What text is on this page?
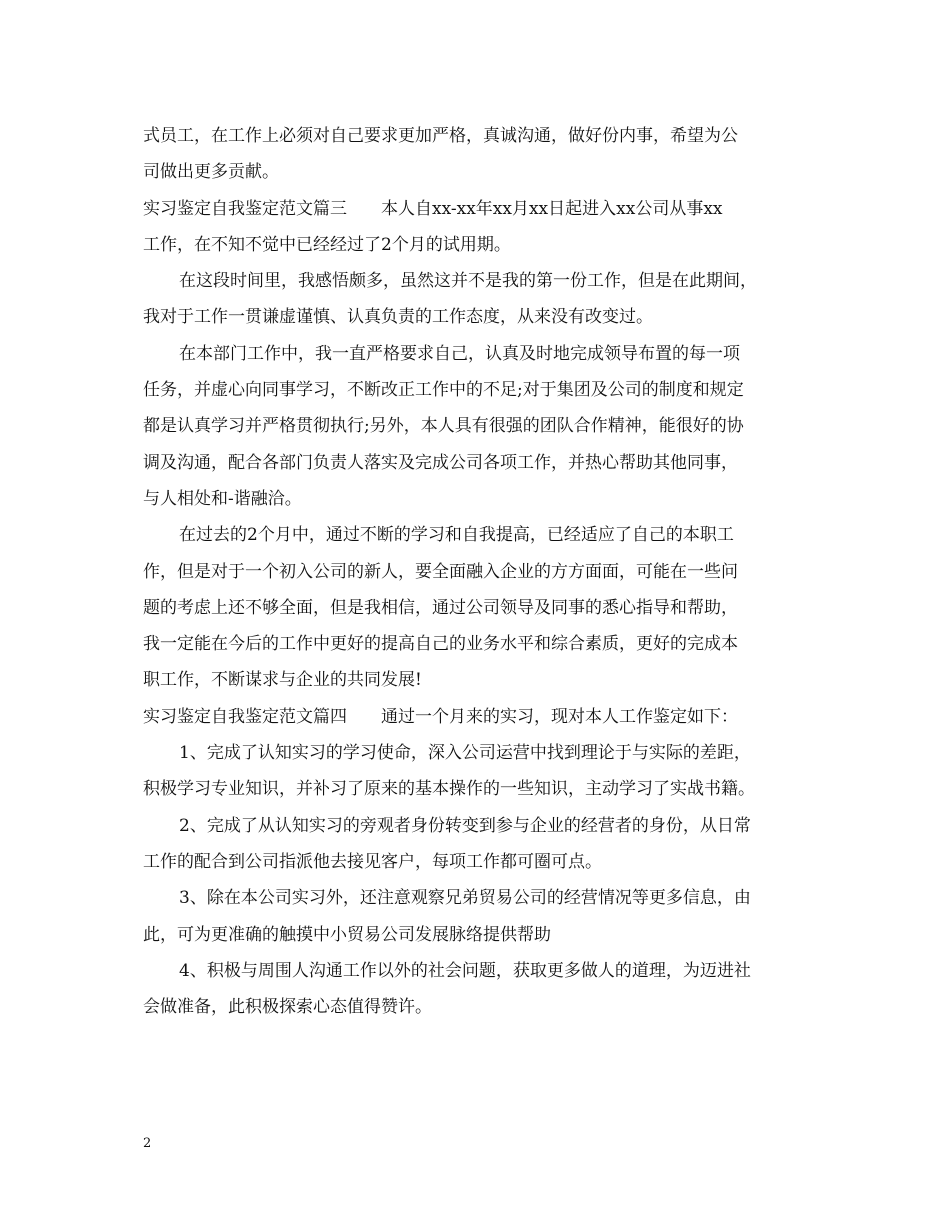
式员工，在工作上必须对自己要求更加严格，真诚沟通，做好份内事，希望为公
司做出更多贡献。
实习鉴定自我鉴定范文篇三　　本人自xx-xx年xx月xx日起进入xx公司从事xx
工作，在不知不觉中已经经过了2个月的试用期。
在这段时间里，我感悟颇多，虽然这并不是我的第一份工作，但是在此期间，
我对于工作一贯谦虚谨慎、认真负责的工作态度，从来没有改变过。
在本部门工作中，我一直严格要求自己，认真及时地完成领导布置的每一项
任务，并虚心向同事学习，不断改正工作中的不足;对于集团及公司的制度和规定
都是认真学习并严格贯彻执行;另外，本人具有很强的团队合作精神，能很好的协
调及沟通，配合各部门负责人落实及完成公司各项工作，并热心帮助其他同事，
与人相处和-谐融洽。
在过去的2个月中，通过不断的学习和自我提高，已经适应了自己的本职工
作，但是对于一个初入公司的新人，要全面融入企业的方方面面，可能在一些问
题的考虑上还不够全面，但是我相信，通过公司领导及同事的悉心指导和帮助，
我一定能在今后的工作中更好的提高自己的业务水平和综合素质，更好的完成本
职工作，不断谋求与企业的共同发展!
实习鉴定自我鉴定范文篇四　　通过一个月来的实习，现对本人工作鉴定如下：
1、完成了认知实习的学习使命，深入公司运营中找到理论于与实际的差距，
积极学习专业知识，并补习了原来的基本操作的一些知识，主动学习了实战书籍。
2、完成了从认知实习的旁观者身份转变到参与企业的经营者的身份，从日常
工作的配合到公司指派他去接见客户，每项工作都可圈可点。
3、除在本公司实习外，还注意观察兄弟贸易公司的经营情况等更多信息，由
此，可为更准确的触摸中小贸易公司发展脉络提供帮助
4、积极与周围人沟通工作以外的社会问题，获取更多做人的道理，为迈进社
会做准备，此积极探索心态值得赞许。
2
